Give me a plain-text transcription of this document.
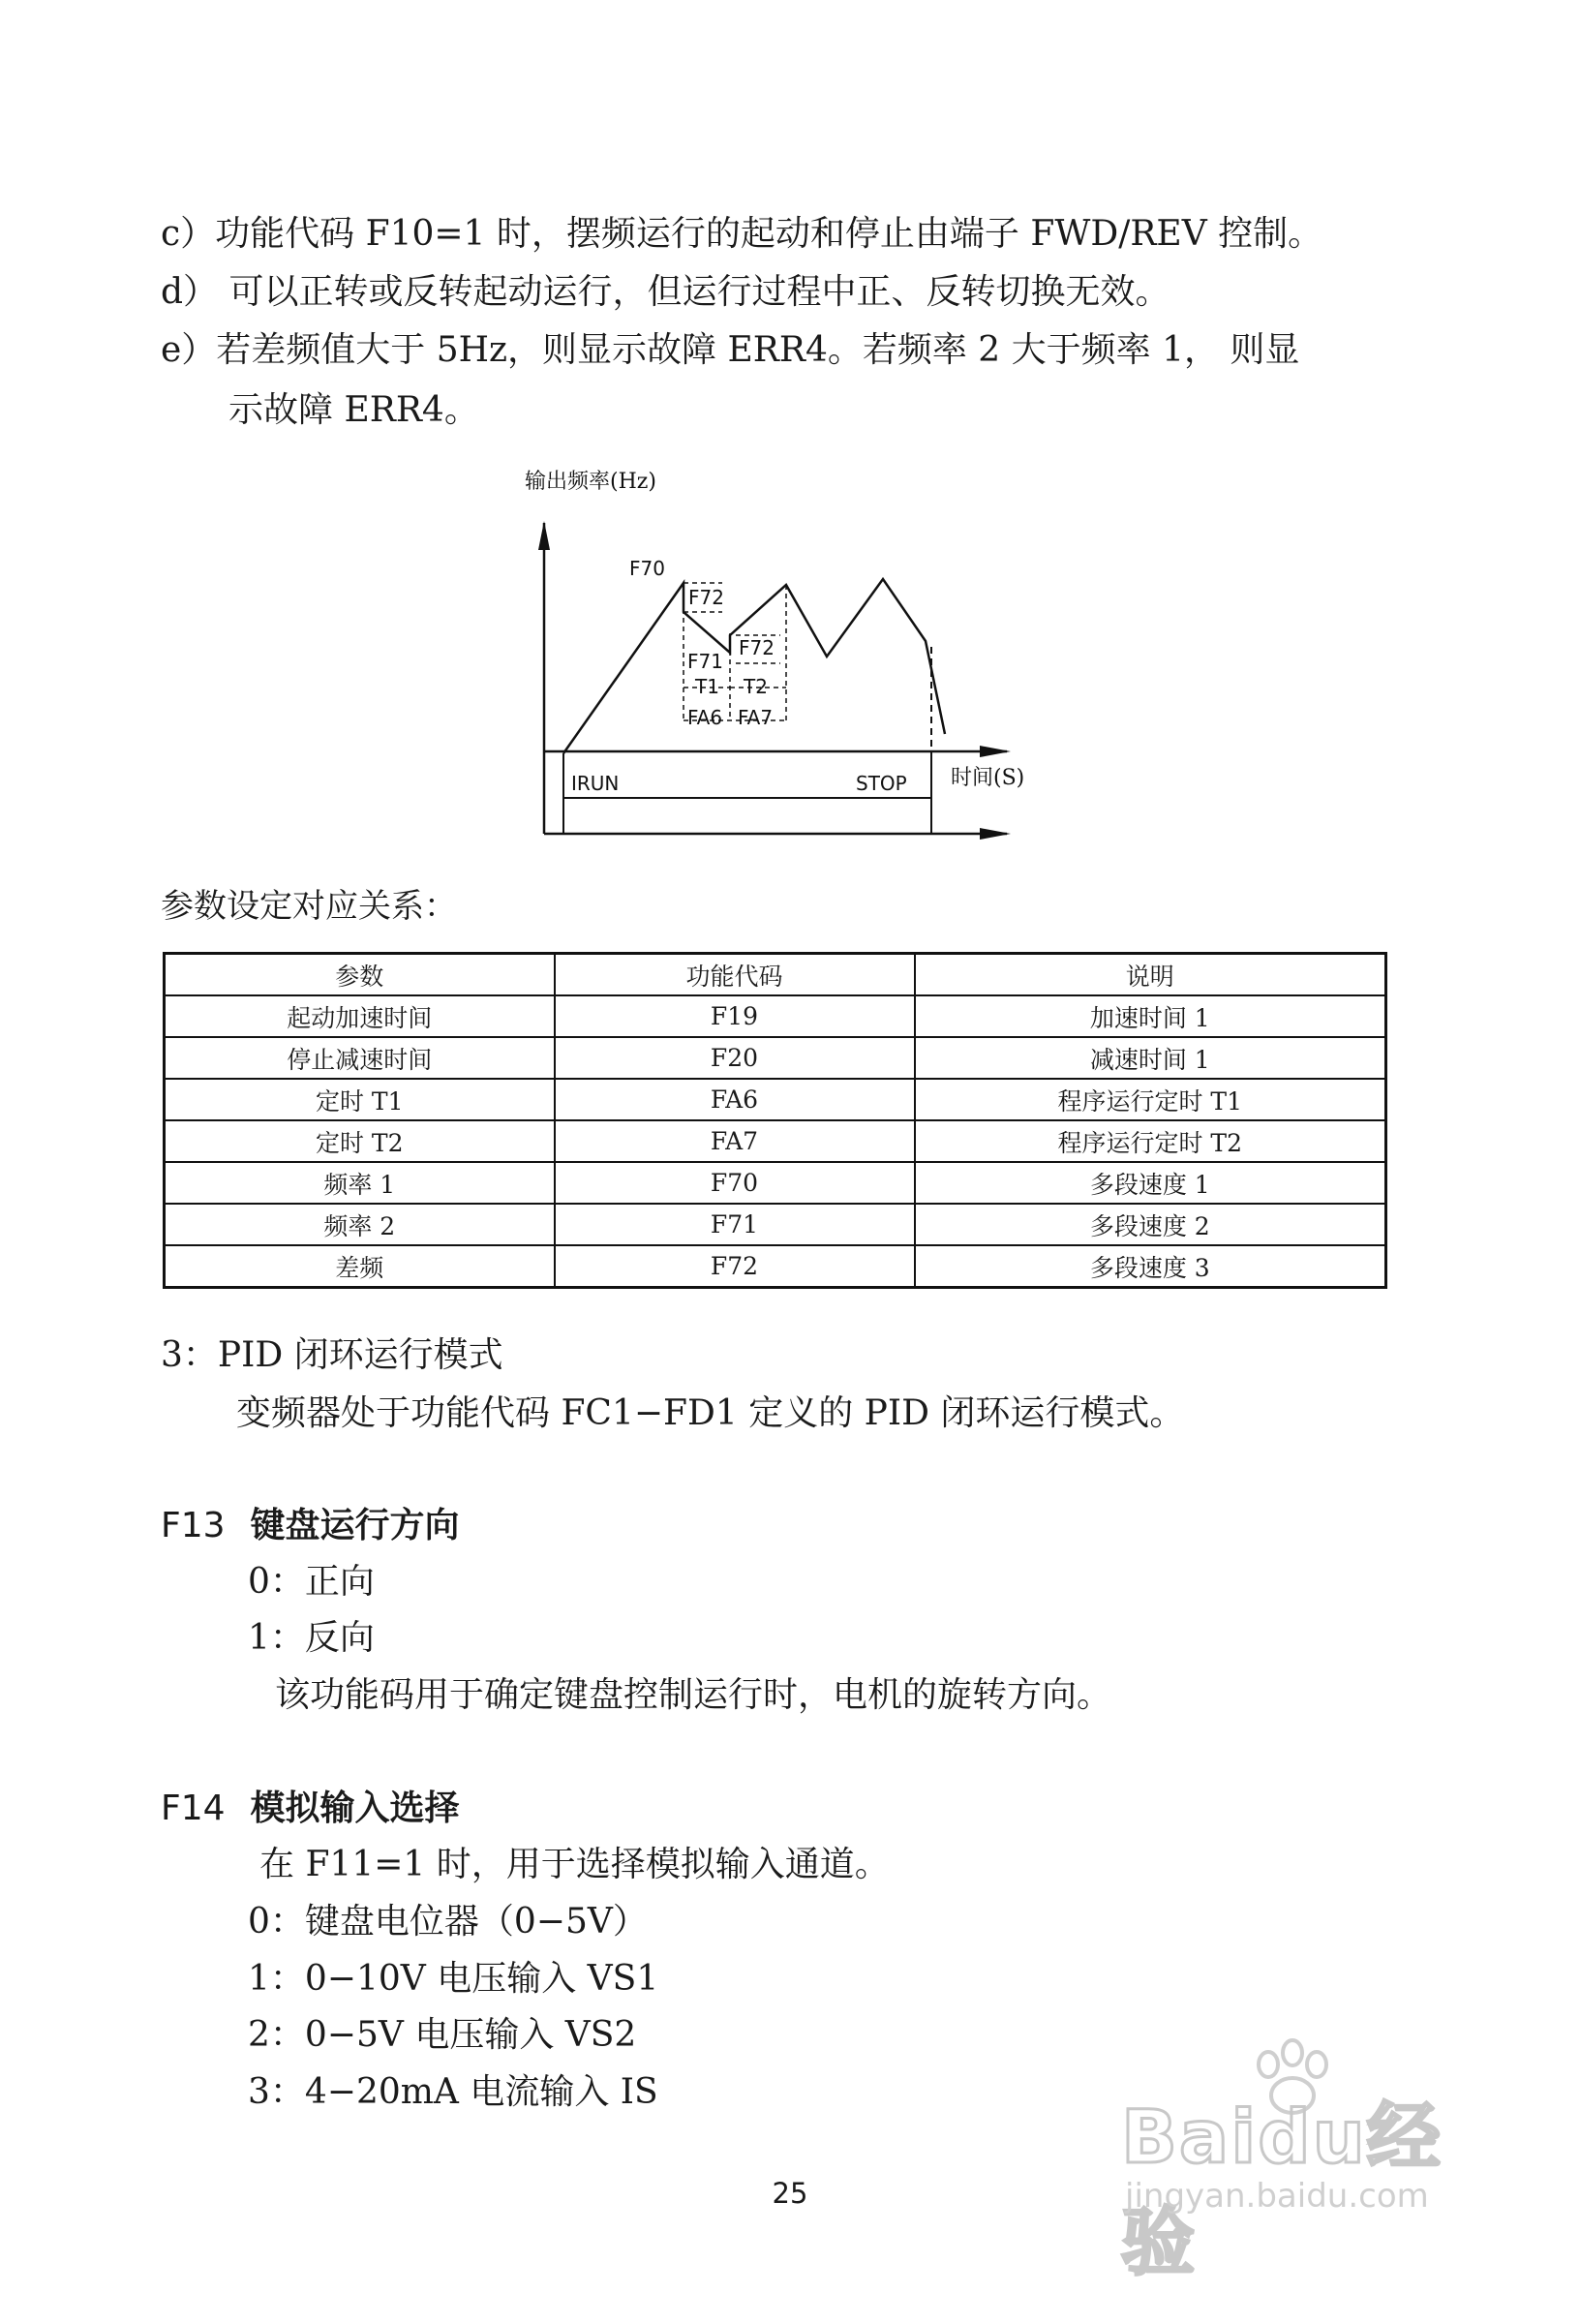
c）功能代码 F10=1 时，摆频运行的起动和停止由端子 FWD/REV 控制。
d） 可以正转或反转起动运行，但运行过程中正、反转切换无效。
e）若差频值大于 5Hz，则显示故障 ERR4。若频率 2 大于频率 1， 则显
示故障 ERR4。
输出频率(Hz)
F70
F72
F71
T1
F72
T2
FA6 FA7
时间(S)
IRUN	STOP
参数设定对应关系：
参数	功能代码	说明
起动加速时间	F19	加速时间 1
停止减速时间	F20	减速时间 1
定时 T1	FA6	程序运行定时 T1
定时 T2	FA7	程序运行定时 T2
频率 1	F70	多段速度 1
频率 2	F71	多段速度 2
差频	F72	多段速度 3
3：PID 闭环运行模式
变频器处于功能代码 FC1−FD1 定义的 PID 闭环运行模式。
F13 键盘运行方向
0：正向
1：反向
该功能码用于确定键盘控制运行时，电机的旋转方向。
F14 模拟输入选择
在 F11=1 时，用于选择模拟输入通道。
0：键盘电位器（0−5V）
1：0−10V 电压输入 VS1
2：0−5V 电压输入 VS2
3：4−20mA 电流输入 IS
25
Baidu经验
jingyan.baidu.com
